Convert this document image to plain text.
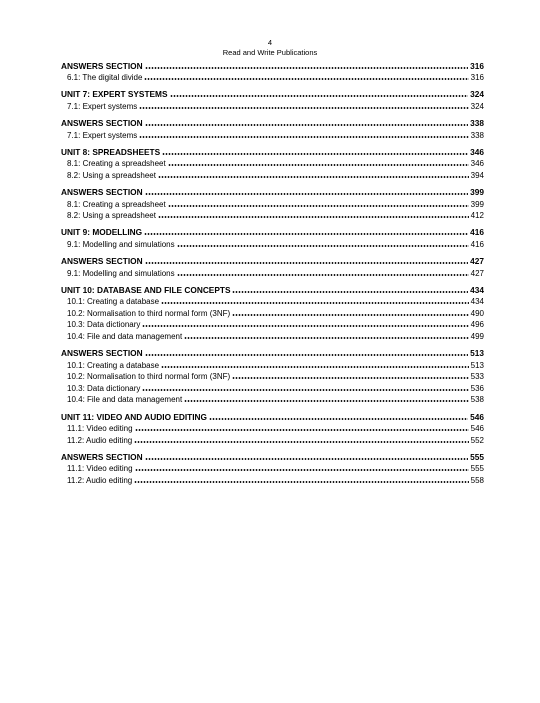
4
Read and Write Publications
ANSWERS SECTION	316
6.1: The digital divide	316
UNIT 7: EXPERT SYSTEMS	324
7.1: Expert systems	324
ANSWERS SECTION	338
7.1: Expert systems	338
UNIT 8: SPREADSHEETS	346
8.1: Creating a spreadsheet	346
8.2: Using a spreadsheet	394
ANSWERS SECTION	399
8.1: Creating a spreadsheet	399
8.2: Using a spreadsheet	412
UNIT 9: MODELLING	416
9.1: Modelling and simulations	416
ANSWERS SECTION	427
9.1: Modelling and simulations	427
UNIT 10: DATABASE AND FILE CONCEPTS	434
10.1: Creating a database	434
10.2: Normalisation to third normal form (3NF)	490
10.3: Data dictionary	496
10.4: File and data management	499
ANSWERS SECTION	513
10.1: Creating a database	513
10.2: Normalisation to third normal form (3NF)	533
10.3: Data dictionary	536
10.4: File and data management	538
UNIT 11: VIDEO AND AUDIO EDITING	546
11.1: Video editing	546
11.2: Audio editing	552
ANSWERS SECTION	555
11.1: Video editing	555
11.2: Audio editing	558
